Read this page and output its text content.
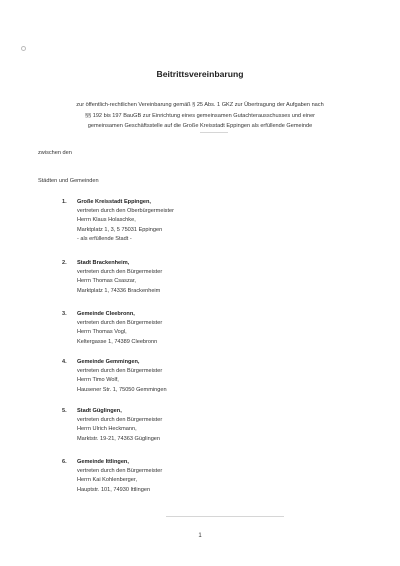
Beitrittsvereinbarung
zur öffentlich-rechtlichen Vereinbarung gemäß § 25 Abs. 1 GKZ zur Übertragung der Aufgaben nach
§§ 192 bis 197 BauGB zur Einrichtung eines gemeinsamen Gutachterausschusses und einer
gemeinsamen Geschäftsstelle auf die Große Kreisstadt Eppingen als erfüllende Gemeinde
zwischen den
Städten und Gemeinden
1.	Große Kreisstadt Eppingen,
vertreten durch den Oberbürgermeister
Herrn Klaus Holaschke,
Marktplatz 1, 3, 5 75031 Eppingen
- als erfüllende Stadt -
2.	Stadt Brackenheim,
vertreten durch den Bürgermeister
Herrn Thomas Csaszar,
Marktplatz 1, 74336 Brackenheim
3.	Gemeinde Cleebronn,
vertreten durch den Bürgermeister
Herrn Thomas Vogl,
Keltergasse 1, 74389 Cleebronn
4.	Gemeinde Gemmingen,
vertreten durch den Bürgermeister
Herrn Timo Wolf,
Hausener Str. 1, 75050 Gemmingen
5.	Stadt Güglingen,
vertreten durch den Bürgermeister
Herrn Ulrich Heckmann,
Marktstr. 19-21, 74363 Güglingen
6.	Gemeinde Ittlingen,
vertreten durch den Bürgermeister
Herrn Kai Kohlenberger,
Hauptstr. 101, 74930 Ittlingen
1
